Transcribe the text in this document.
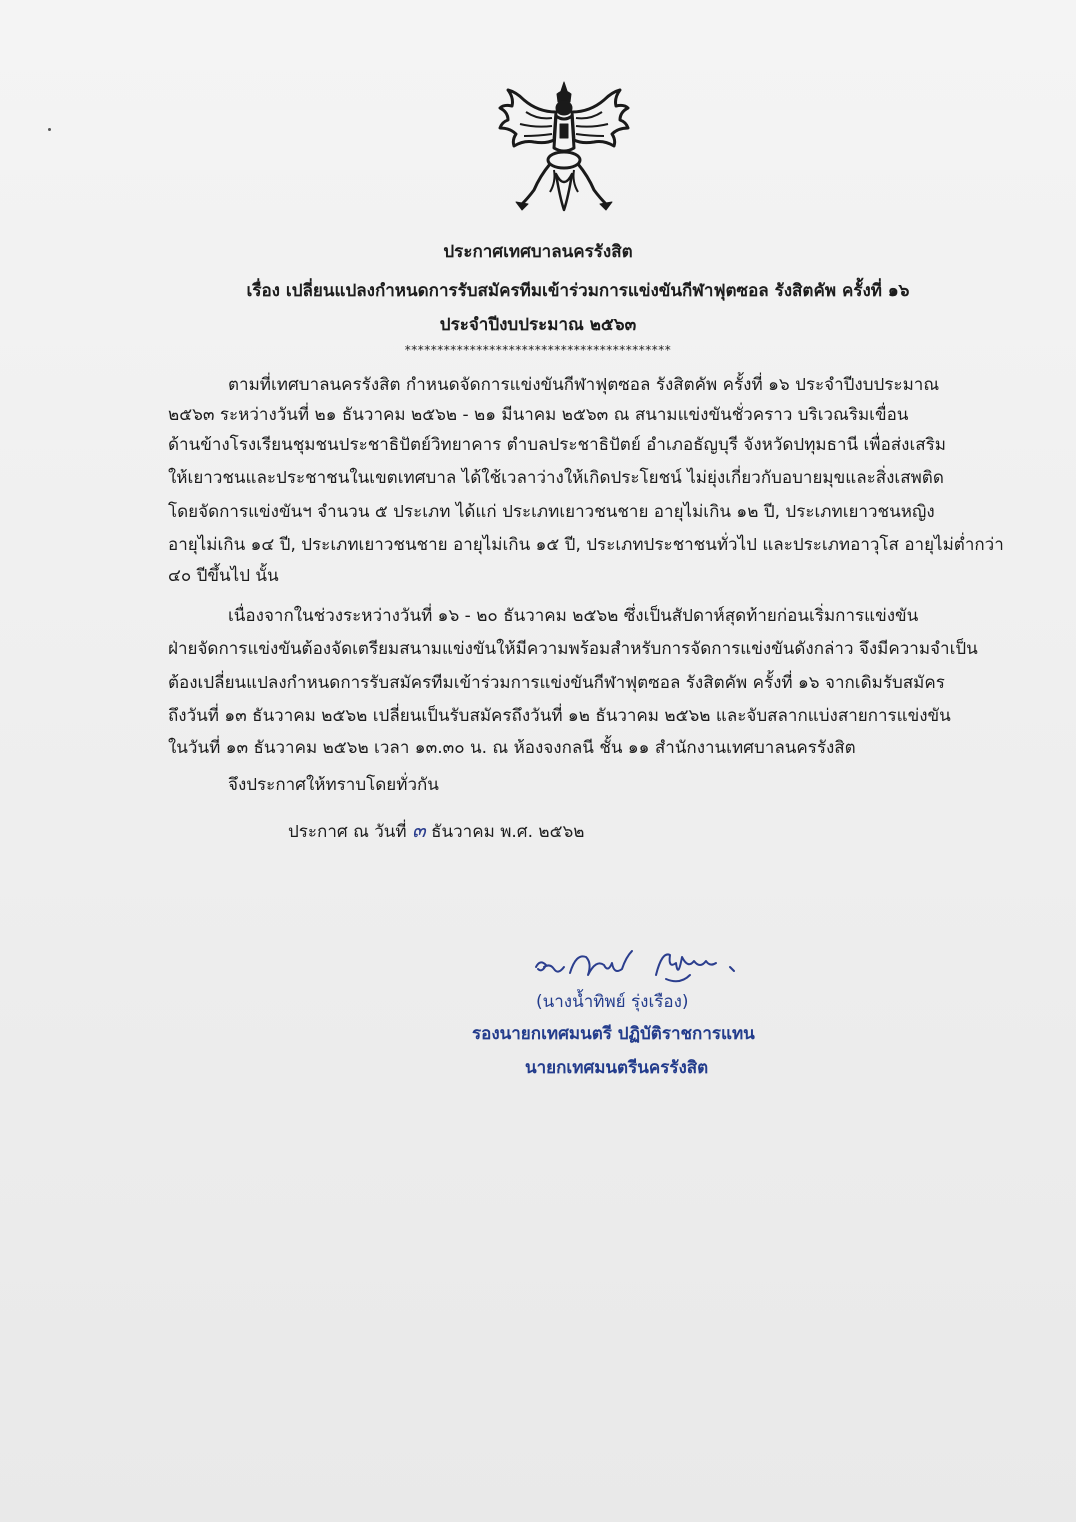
ประกาศเทศบาลนครรังสิต
เรื่อง เปลี่ยนแปลงกำหนดการรับสมัครทีมเข้าร่วมการแข่งขันกีฬาฟุตซอล รังสิตคัพ ครั้งที่ ๑๖
ประจำปีงบประมาณ ๒๕๖๓
*****************************************
ตามที่เทศบาลนครรังสิต กำหนดจัดการแข่งขันกีฬาฟุตซอล รังสิตคัพ ครั้งที่ ๑๖ ประจำปีงบประมาณ
๒๕๖๓ ระหว่างวันที่ ๒๑ ธันวาคม ๒๕๖๒ - ๒๑ มีนาคม ๒๕๖๓ ณ สนามแข่งขันชั่วคราว บริเวณริมเขื่อน
ด้านข้างโรงเรียนชุมชนประชาธิปัตย์วิทยาคาร ตำบลประชาธิปัตย์ อำเภอธัญบุรี จังหวัดปทุมธานี เพื่อส่งเสริม
ให้เยาวชนและประชาชนในเขตเทศบาล ได้ใช้เวลาว่างให้เกิดประโยชน์ ไม่ยุ่งเกี่ยวกับอบายมุขและสิ่งเสพติด
โดยจัดการแข่งขันฯ จำนวน ๕ ประเภท ได้แก่ ประเภทเยาวชนชาย อายุไม่เกิน ๑๒ ปี, ประเภทเยาวชนหญิง
อายุไม่เกิน ๑๔ ปี, ประเภทเยาวชนชาย อายุไม่เกิน ๑๕ ปี, ประเภทประชาชนทั่วไป และประเภทอาวุโส อายุไม่ต่ำกว่า
๔๐ ปีขึ้นไป นั้น
เนื่องจากในช่วงระหว่างวันที่ ๑๖ - ๒๐ ธันวาคม ๒๕๖๒ ซึ่งเป็นสัปดาห์สุดท้ายก่อนเริ่มการแข่งขัน
ฝ่ายจัดการแข่งขันต้องจัดเตรียมสนามแข่งขันให้มีความพร้อมสำหรับการจัดการแข่งขันดังกล่าว จึงมีความจำเป็น
ต้องเปลี่ยนแปลงกำหนดการรับสมัครทีมเข้าร่วมการแข่งขันกีฬาฟุตซอล รังสิตคัพ ครั้งที่ ๑๖ จากเดิมรับสมัคร
ถึงวันที่ ๑๓ ธันวาคม ๒๕๖๒ เปลี่ยนเป็นรับสมัครถึงวันที่ ๑๒ ธันวาคม ๒๕๖๒ และจับสลากแบ่งสายการแข่งขัน
ในวันที่ ๑๓ ธันวาคม ๒๕๖๒ เวลา ๑๓.๓๐ น. ณ ห้องจงกลนี ชั้น ๑๑ สำนักงานเทศบาลนครรังสิต
จึงประกาศให้ทราบโดยทั่วกัน
ประกาศ ณ วันที่ ๓ ธันวาคม พ.ศ. ๒๕๖๒
(นางน้ำทิพย์ รุ่งเรือง)
รองนายกเทศมนตรี ปฏิบัติราชการแทน
นายกเทศมนตรีนครรังสิต
